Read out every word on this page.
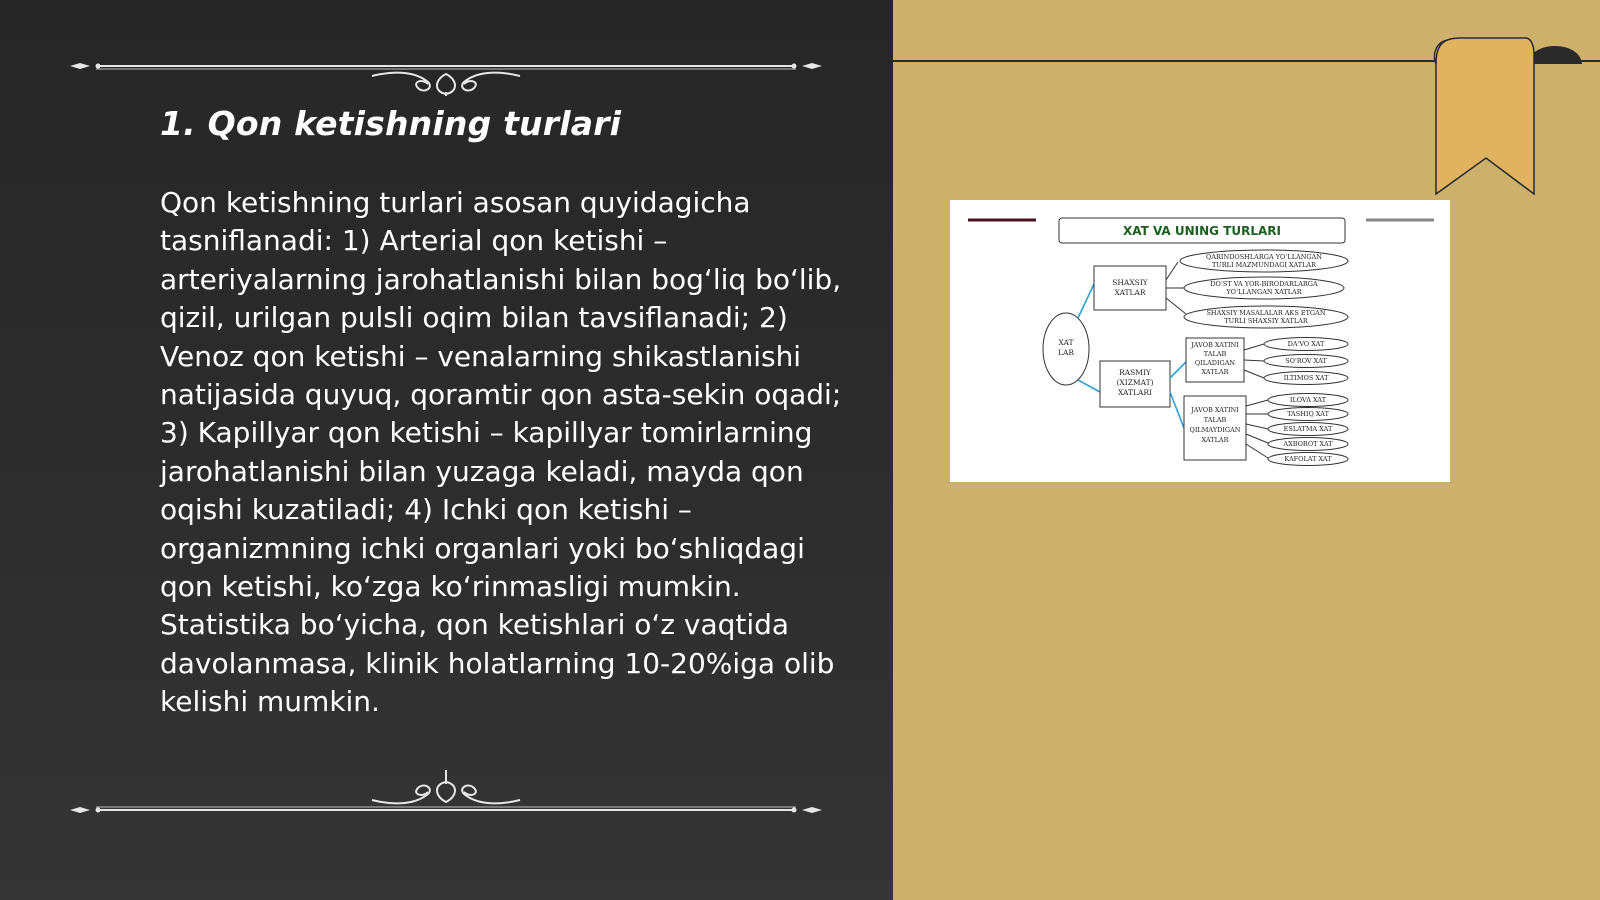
1. Qon ketishning turlari

Qon ketishning turlari asosan quyidagicha tasniflanadi: 1) Arterial qon ketishi – arteriyalarning jarohatlanishi bilan bog‘liq bo‘lib, qizil, urilgan pulsli oqim bilan tavsiflanadi; 2) Venoz qon ketishi – venalarning shikastlanishi natijasida quyuq, qoramtir qon asta-sekin oqadi; 3) Kapillyar qon ketishi – kapillyar tomirlarning jarohatlanishi bilan yuzaga keladi, mayda qon oqishi kuzatiladi; 4) Ichki qon ketishi – organizmning ichki organlari yoki bo‘shliqdagi qon ketishi, ko‘zga ko‘rinmasligi mumkin. Statistika bo‘yicha, qon ketishlari o‘z vaqtida davolanmasa, klinik holatlarning 10-20%iga olib kelishi mumkin.

XAT VA UNING TURLARI
XAT
LAR
SHAXSIY
XATLAR
RASMIY
(XIZMAT)
XATLARI
QARINDOSHLARGA YO‘LLANGAN
TURLI MAZMUNDAGI XATLAR
DO‘ST VA YOR-BIRODARLARGA
YO‘LLANGAN XATLAR
SHAXSIY MASALALAR AKS ETGAN
TURLI SHAXSIY XATLAR
JAVOB XATINI
TALAB
QILADIGAN
XATLAR
JAVOB XATINI
TALAB
QILMAYDIGAN
XATLAR
DA'VO XAT
SO'ROV XAT
ILTIMOS XAT
ILOVA XAT
TASHIQ XAT
ESLATMA XAT
AXBOROT XAT
KAFOLAT XAT
